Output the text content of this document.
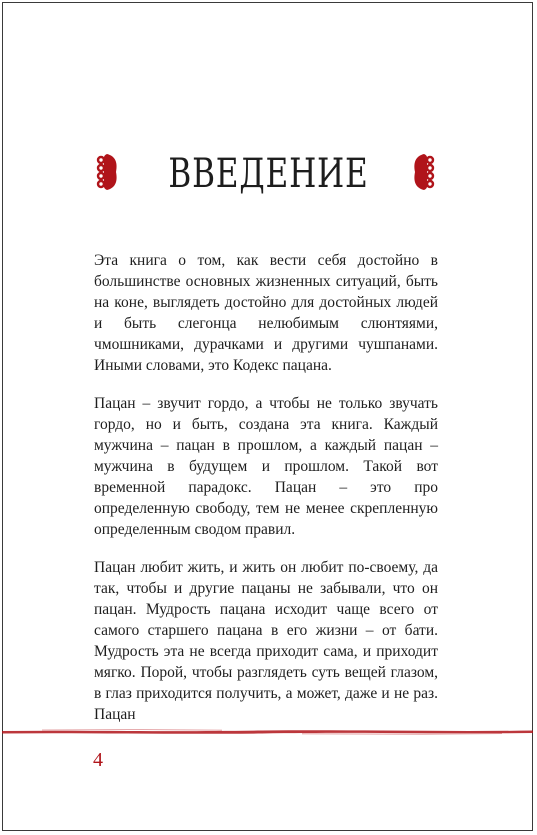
ВВЕДЕНИЕ

Эта книга о том, как вести себя достойно в большинстве основных жизненных ситуаций, быть на коне, выглядеть достойно для достойных людей и быть слегонца нелюбимым слюнтяями, чмошниками, дурачками и другими чушпанами. Иными словами, это Кодекс пацана.

Пацан – звучит гордо, а чтобы не только звучать гордо, но и быть, создана эта книга. Каждый мужчина – пацан в прошлом, а каждый пацан – мужчина в будущем и прошлом. Такой вот временной парадокс. Пацан – это про определенную свободу, тем не менее скрепленную определенным сводом правил.

Пацан любит жить, и жить он любит по-своему, да так, чтобы и другие пацаны не забывали, что он пацан. Мудрость пацана исходит чаще всего от самого старшего пацана в его жизни – от бати. Мудрость эта не всегда приходит сама, и приходит мягко. Порой, чтобы разглядеть суть вещей глазом, в глаз приходится получить, а может, даже и не раз. Пацан

4
